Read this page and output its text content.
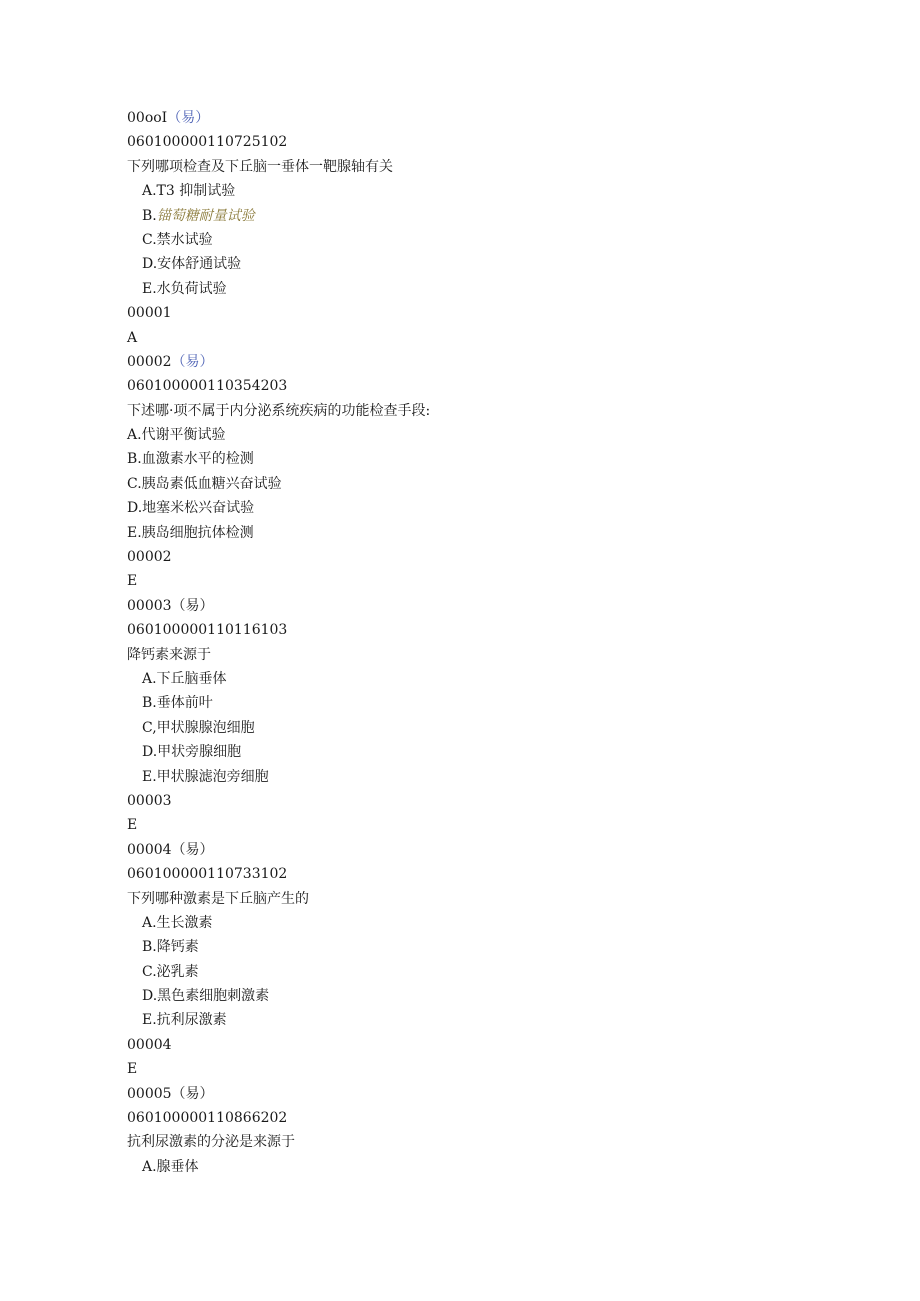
00ooI（易）
060100000110725102
下列哪项检查及下丘脑一垂体一靶腺轴有关
A.T3 抑制试验
B.锚萄糖耐量试验
C.禁水试验
D.安体舒通试验
E.水负荷试验
00001
A
00002（易）
060100000110354203
下述哪·项不属于内分泌系统疾病的功能检查手段:
A.代谢平衡试验
B.血激素水平的检测
C.胰岛素低血糖兴奋试验
D.地塞米松兴奋试验
E.胰岛细胞抗体检测
00002
E
00003（易）
060100000110116103
降钙素来源于
A.下丘脑垂体
B.垂体前叶
C,甲状腺腺泡细胞
D.甲状旁腺细胞
E.甲状腺滤泡旁细胞
00003
E
00004（易）
060100000110733102
下列哪种激素是下丘脑产生的
A.生长激素
B.降钙素
C.泌乳素
D.黑色素细胞刺激素
E.抗利尿激素
00004
E
00005（易）
060100000110866202
抗利尿激素的分泌是来源于
A.腺垂体
